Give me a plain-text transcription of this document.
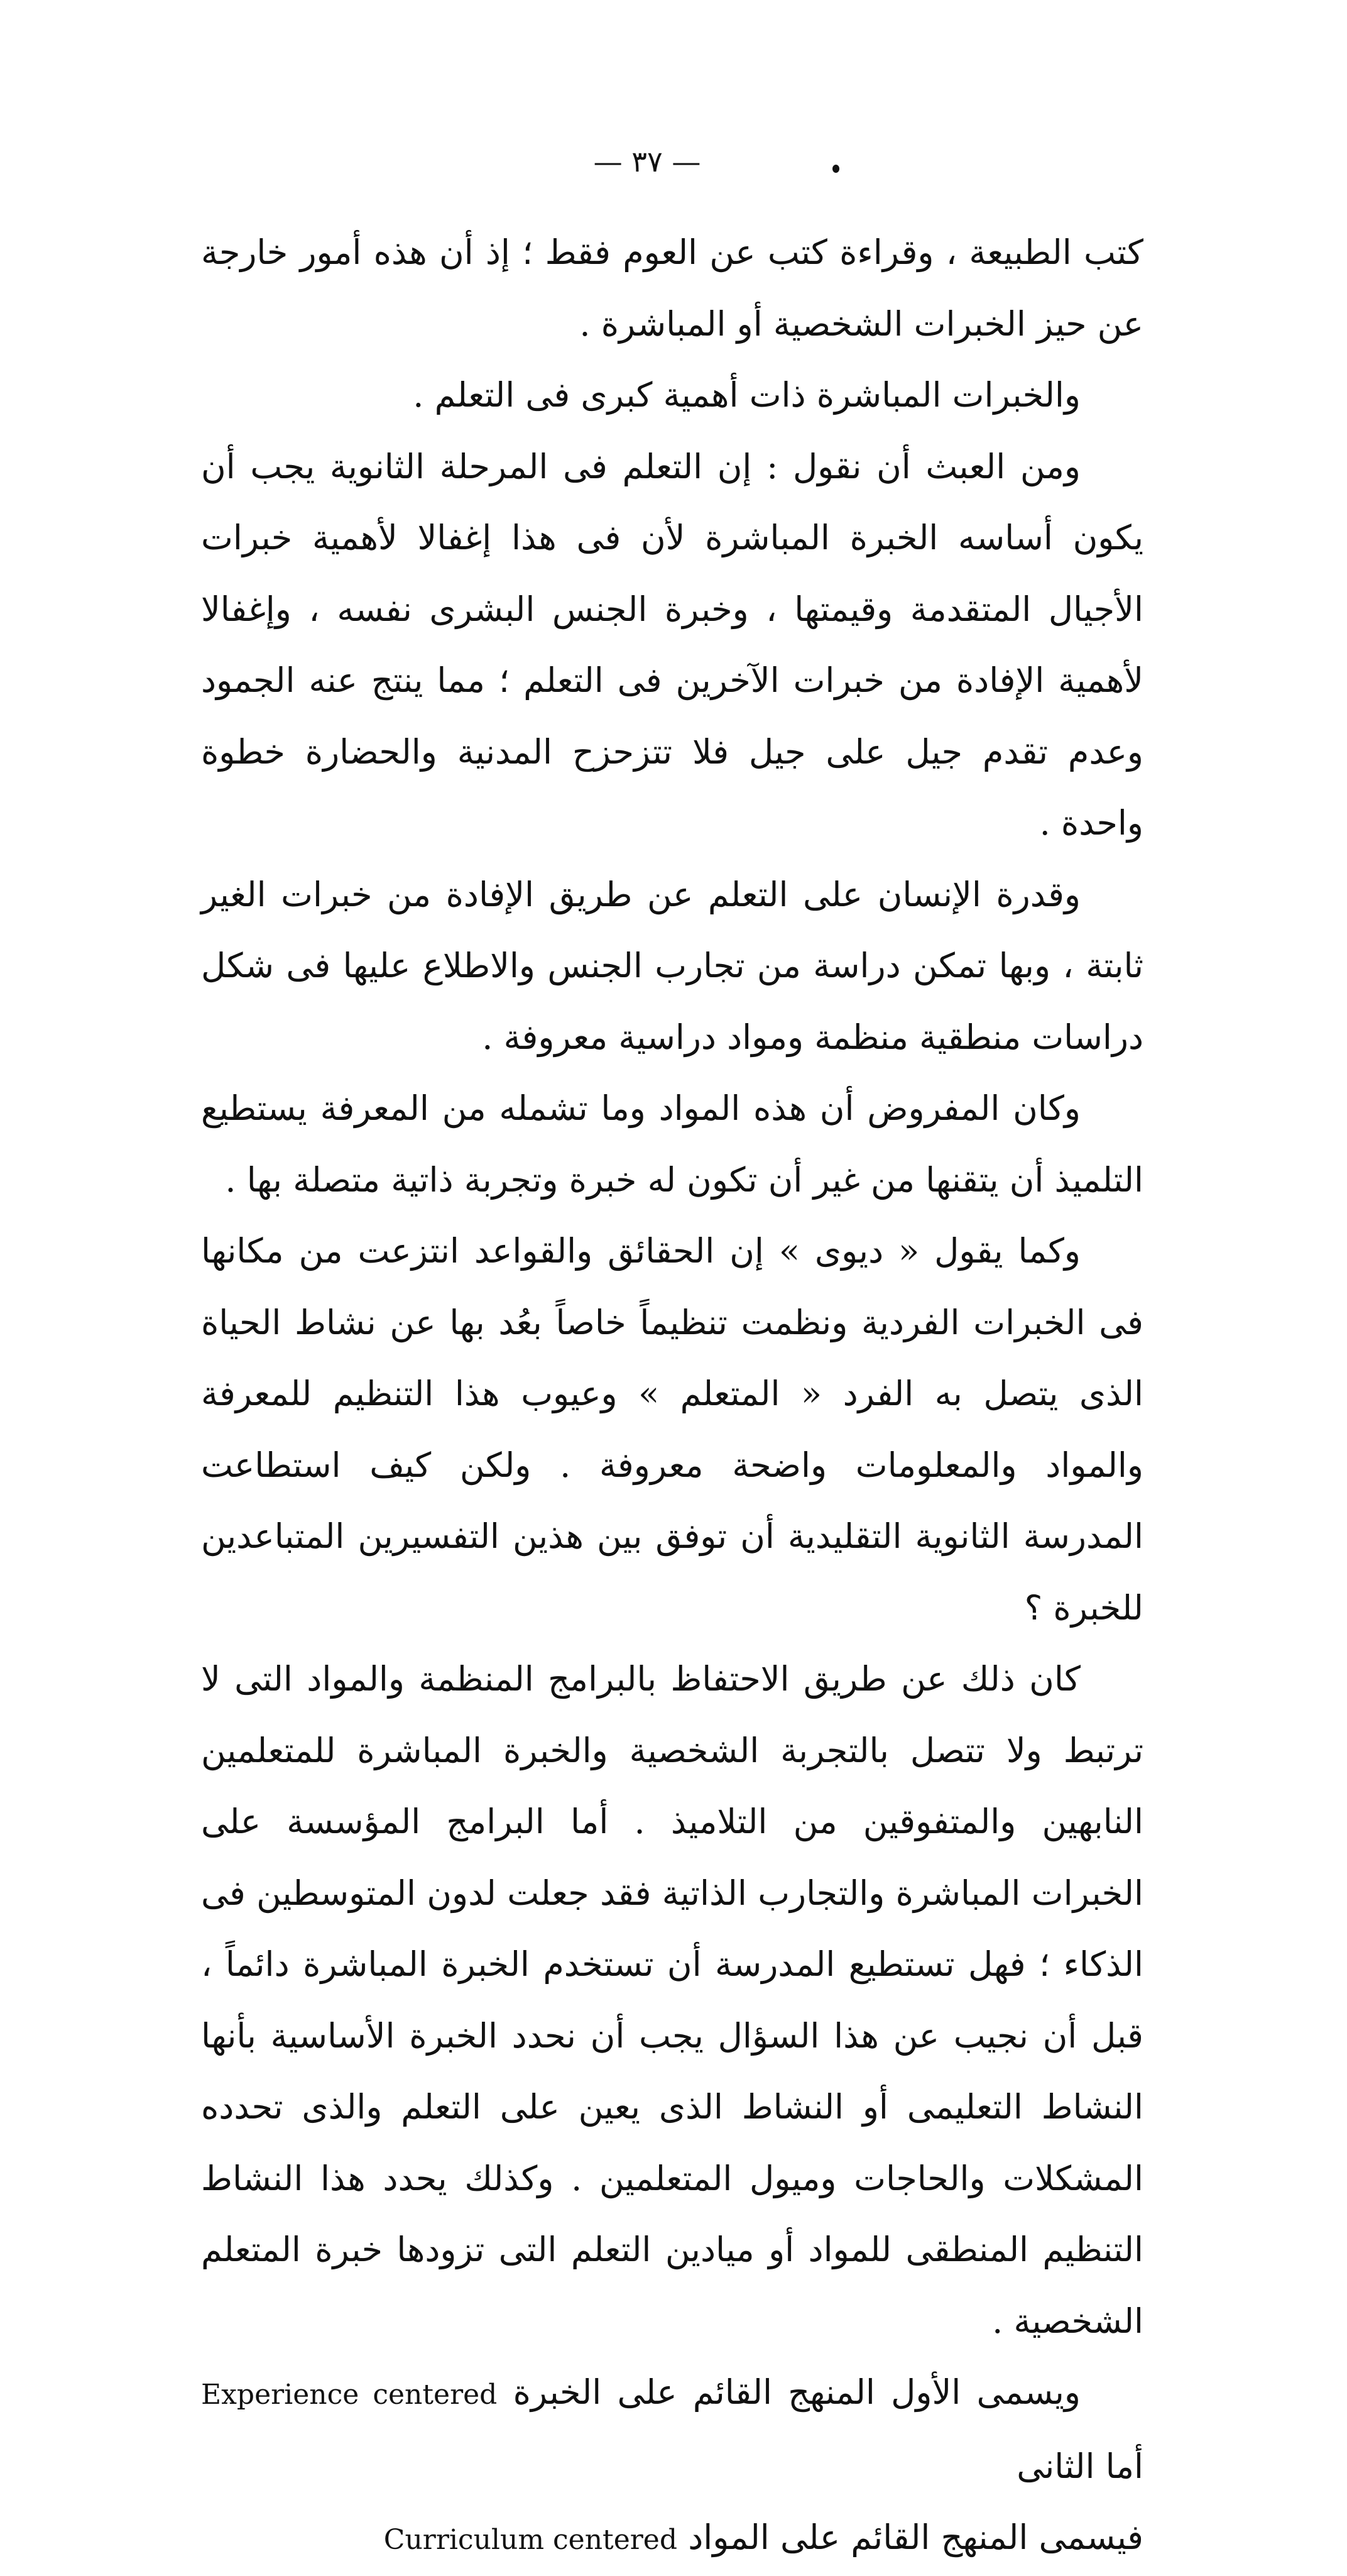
— ٣٧ —

كتب الطبيعة ، وقراءة كتب عن العوم فقط ؛ إذ أن هذه أمور خارجة عن حيز الخبرات الشخصية أو المباشرة .

والخبرات المباشرة ذات أهمية كبرى فى التعلم .

ومن العبث أن نقول : إن التعلم فى المرحلة الثانوية يجب أن يكون أساسه الخبرة المباشرة لأن فى هذا إغفالا لأهمية خبرات الأجيال المتقدمة وقيمتها ، وخبرة الجنس البشرى نفسه ، وإغفالا لأهمية الإفادة من خبرات الآخرين فى التعلم ؛ مما ينتج عنه الجمود وعدم تقدم جيل على جيل فلا تتزحزح المدنية والحضارة خطوة واحدة .

وقدرة الإنسان على التعلم عن طريق الإفادة من خبرات الغير ثابتة ، وبها تمكن دراسة من تجارب الجنس والاطلاع عليها فى شكل دراسات منطقية منظمة ومواد دراسية معروفة .

وكان المفروض أن هذه المواد وما تشمله من المعرفة يستطيع التلميذ أن يتقنها من غير أن تكون له خبرة وتجربة ذاتية متصلة بها .

وكما يقول « ديوى » إن الحقائق والقواعد انتزعت من مكانها فى الخبرات الفردية ونظمت تنظيماً خاصاً بعُد بها عن نشاط الحياة الذى يتصل به الفرد « المتعلم » وعيوب هذا التنظيم للمعرفة والمواد والمعلومات واضحة معروفة . ولكن كيف استطاعت المدرسة الثانوية التقليدية أن توفق بين هذين التفسيرين المتباعدين للخبرة ؟

كان ذلك عن طريق الاحتفاظ بالبرامج المنظمة والمواد التى لا ترتبط ولا تتصل بالتجربة الشخصية والخبرة المباشرة للمتعلمين النابهين والمتفوقين من التلاميذ . أما البرامج المؤسسة على الخبرات المباشرة والتجارب الذاتية فقد جعلت لدون المتوسطين فى الذكاء ؛ فهل تستطيع المدرسة أن تستخدم الخبرة المباشرة دائماً ، قبل أن نجيب عن هذا السؤال يجب أن نحدد الخبرة الأساسية بأنها النشاط التعليمى أو النشاط الذى يعين على التعلم والذى تحدده المشكلات والحاجات وميول المتعلمين . وكذلك يحدد هذا النشاط التنظيم المنطقى للمواد أو ميادين التعلم التى تزودها خبرة المتعلم الشخصية .

ويسمى الأول المنهج القائم على الخبرة Experience centered أما الثانى

فيسمى المنهج القائم على المواد Curriculum centered
